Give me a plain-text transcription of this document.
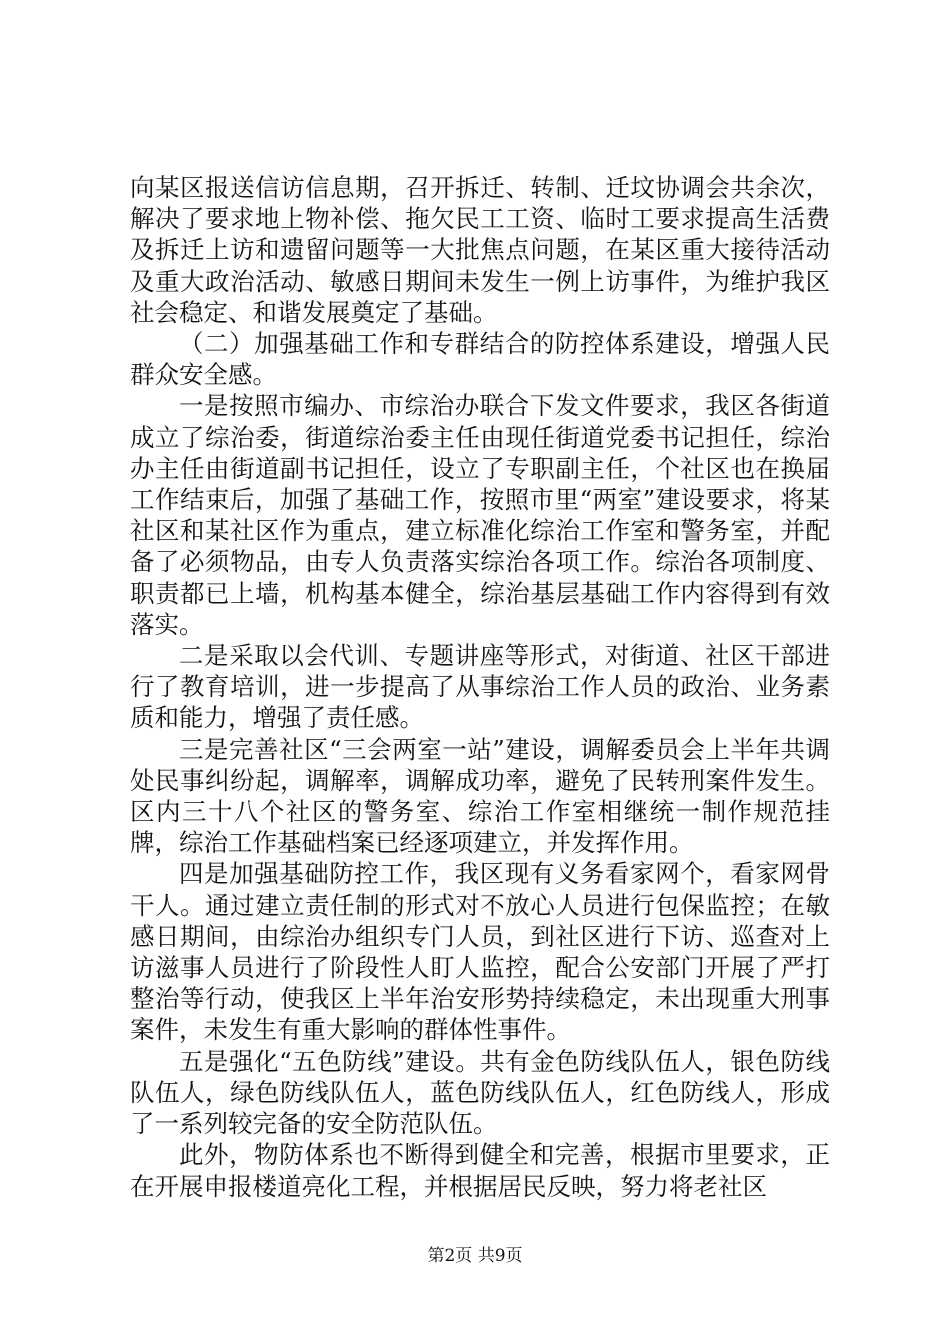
向某区报送信访信息期，召开拆迁、转制、迁坟协调会共余次，解决了要求地上物补偿、拖欠民工工资、临时工要求提高生活费及拆迁上访和遗留问题等一大批焦点问题，在某区重大接待活动及重大政治活动、敏感日期间未发生一例上访事件，为维护我区社会稳定、和谐发展奠定了基础。

（二）加强基础工作和专群结合的防控体系建设，增强人民群众安全感。

一是按照市编办、市综治办联合下发文件要求，我区各街道成立了综治委，街道综治委主任由现任街道党委书记担任，综治办主任由街道副书记担任，设立了专职副主任，个社区也在换届工作结束后，加强了基础工作，按照市里“两室”建设要求，将某社区和某社区作为重点，建立标准化综治工作室和警务室，并配备了必须物品，由专人负责落实综治各项工作。综治各项制度、职责都已上墙，机构基本健全，综治基层基础工作内容得到有效落实。

二是采取以会代训、专题讲座等形式，对街道、社区干部进行了教育培训，进一步提高了从事综治工作人员的政治、业务素质和能力，增强了责任感。

三是完善社区“三会两室一站”建设，调解委员会上半年共调处民事纠纷起，调解率，调解成功率，避免了民转刑案件发生。区内三十八个社区的警务室、综治工作室相继统一制作规范挂牌，综治工作基础档案已经逐项建立，并发挥作用。

四是加强基础防控工作，我区现有义务看家网个，看家网骨干人。通过建立责任制的形式对不放心人员进行包保监控；在敏感日期间，由综治办组织专门人员，到社区进行下访、巡查对上访滋事人员进行了阶段性人盯人监控，配合公安部门开展了严打整治等行动，使我区上半年治安形势持续稳定，未出现重大刑事案件，未发生有重大影响的群体性事件。

五是强化“五色防线”建设。共有金色防线队伍人，银色防线队伍人，绿色防线队伍人，蓝色防线队伍人，红色防线人，形成了一系列较完备的安全防范队伍。

此外，物防体系也不断得到健全和完善，根据市里要求，正在开展申报楼道亮化工程，并根据居民反映，努力将老社区

第2页 共9页
